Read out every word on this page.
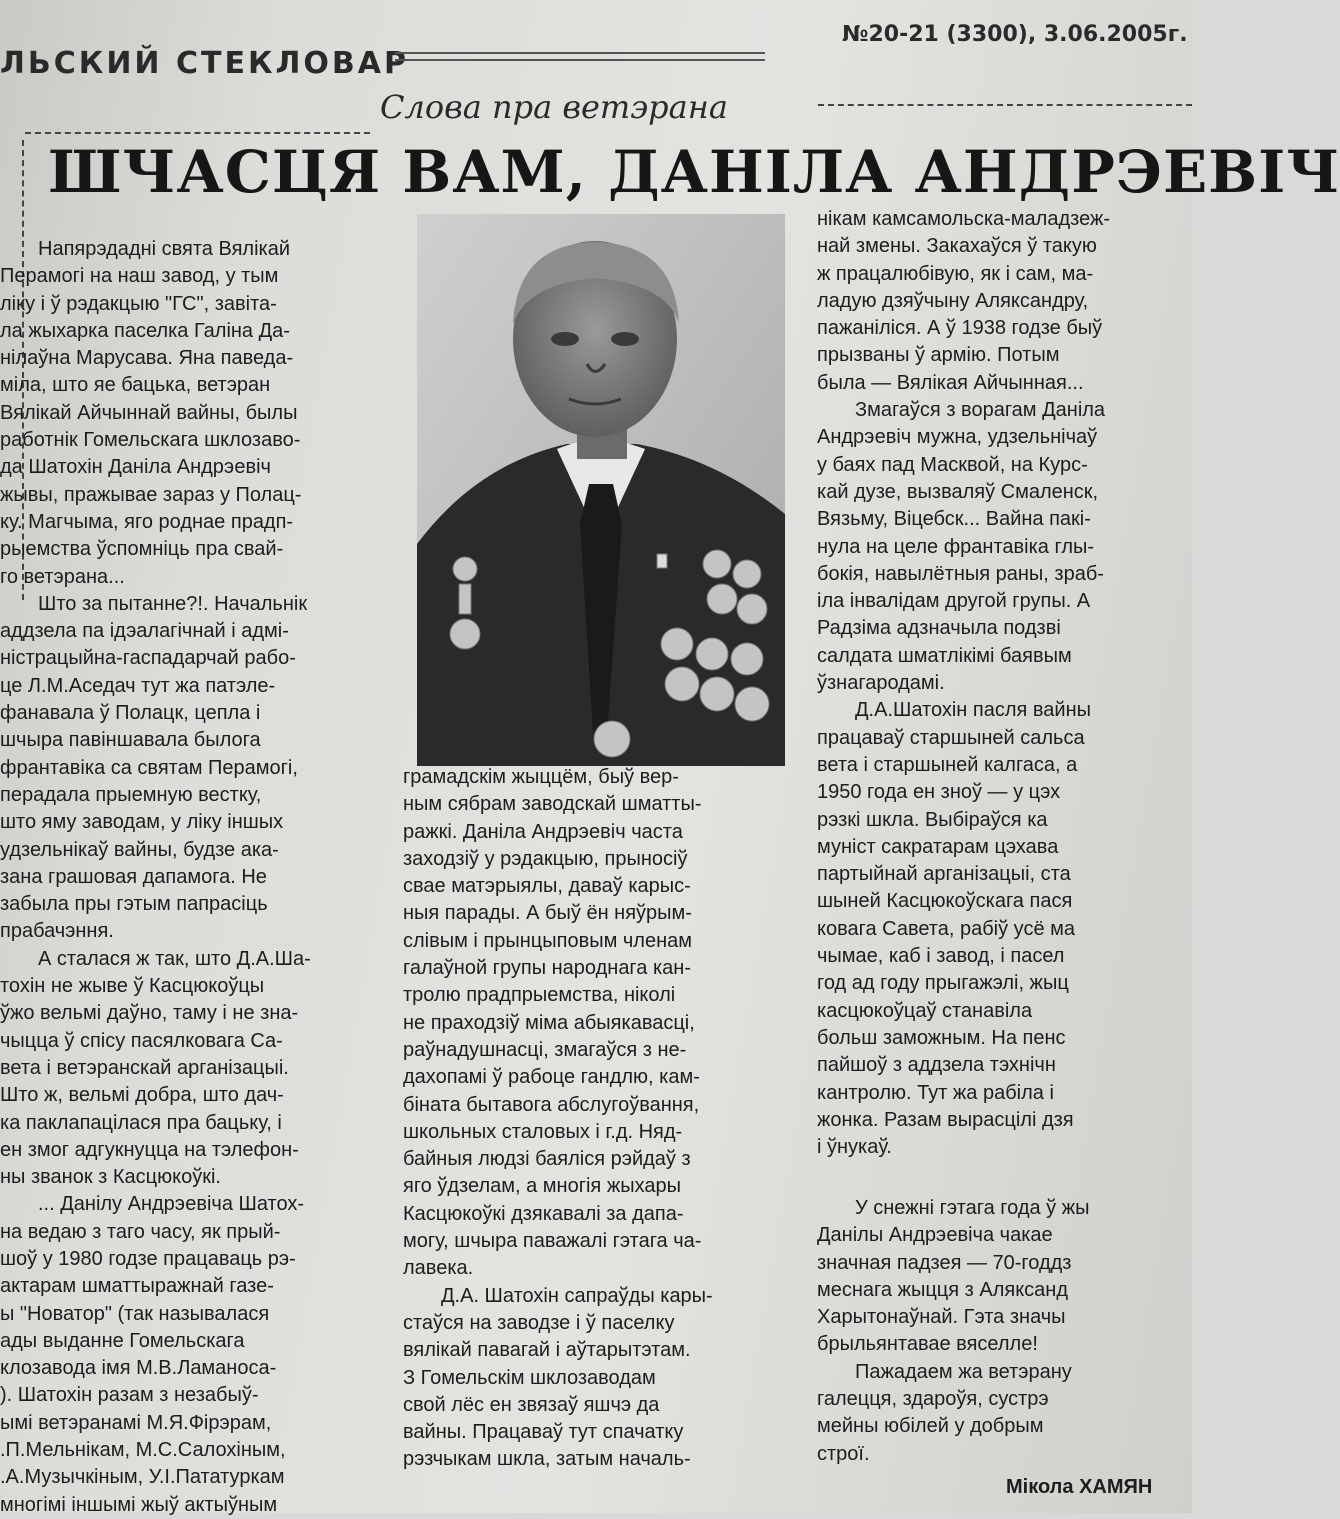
ЛЬСКИЙ СТЕКЛОВАР
№20-21 (3300), 3.06.2005г.
Слова пра ветэрана
ШЧАСЦЯ ВАМ, ДАНІЛА АНДРЭЕВІЧ

Напярэдадні свята Вялікай
Перамогі на наш завод, у тым
ліку і ў рэдакцыю "ГС", завіта-
ла жыхарка паселка Галіна Да-
нілаўна Марусава. Яна паведа-
міла, што яе бацька, ветэран
Вялікай Айчыннай вайны, былы
работнік Гомельскага шклозаво-
да Шатохін Даніла Андрэевіч
жывы, пражывае зараз у Полац-
ку. Магчыма, яго роднае прадп-
рыемства ўспомніць пра свай-
го ветэрана...

Што за пытанне?!. Начальнік
аддзела па ідэалагічнай і адмі-
ністрацыйна-гаспадарчай рабо-
це Л.М.Аседач тут жа патэле-
фанавала ў Полацк, цепла і
шчыра павіншавала былога
франтавіка са святам Перамогі,
перадала прыемную вестку,
што яму заводам, у ліку іншых
удзельнікаў вайны, будзе ака-
зана грашовая дапамога. Не
забыла пры гэтым папрасіць
прабачэння.

А сталася ж так, што Д.А.Ша-
тохін не жыве ў Касцюкоўцы
ўжо вельмі даўно, таму і не зна-
чыцца ў спісу пасялковага Са-
вета і ветэранскай арганізацыі.
Што ж, вельмі добра, што дач-
ка паклапацілася пра бацьку, і
ен змог адгукнуцца на тэлефон-
ны званок з Касцюкоўкі.

... Данілу Андрэевіча Шатох-
на ведаю з таго часу, як прый-
шоў у 1980 годзе працаваць рэ-
актарам шматтыражнай газе-
ы "Новатор" (так называлася
ады выданне Гомельскага
клозавода імя М.В.Ламаноса-
). Шатохін разам з незабыў-
ымі ветэранамі М.Я.Фірэрам,
.П.Мельнікам, М.С.Салохіным,
.А.Музычкіным, У.І.Пататуркам
многімі іншымі жыў актыўным

грамадскім жыццём, быў вер-
ным сябрам заводскай шматты-
ражкі. Даніла Андрэевіч часта
заходзіў у рэдакцыю, прыносіў
свае матэрыялы, даваў карыс-
ныя парады. А быў ён няўрым-
слівым і прынцыповым членам
галаўной групы народнага кан-
тролю прадпрыемства, ніколі
не праходзіў міма абыякавасці,
раўнадушнасці, змагаўся з не-
дахопамі ў рабоце гандлю, кам-
біната бытавога абслугоўвання,
школьных сталовых і г.д. Няд-
байныя людзі баяліся рэйдаў з
яго ўдзелам, а многія жыхары
Касцюкоўкі дзякавалі за дапа-
могу, шчыра паважалі гэтага ча-
лавека.

Д.А. Шатохін сапраўды кары-
стаўся на заводзе і ў паселку
вялікай павагай і аўтарытэтам.
З Гомельскім шклозаводам
свой лёс ен звязаў яшчэ да
вайны. Працаваў тут спачатку
рэзчыкам шкла, затым началь-

нікам камсамольска-маладзеж-
най змены. Закахаўся ў такую
ж працалюбівую, як і сам, ма-
ладую дзяўчыну Аляксандру,
пажаніліся. А ў 1938 годзе быў
прызваны ў армію. Потым
была — Вялікая Айчынная...

Змагаўся з ворагам Даніла
Андрэевіч мужна, удзельнічаў
у баях пад Масквой, на Курс-
кай дузе, вызваляў Смаленск,
Вязьму, Віцебск... Вайна пакі-
нула на целе франтавіка глы-
бокія, навылётныя раны, зраб-
іла інвалідам другой групы. А
Радзіма адзначыла подзві
салдата шматлікімі баявым
ўзнагародамі.

Д.А.Шатохін пасля вайны
працаваў старшыней сальса
вета і старшыней калгаса, а
1950 года ен зноў — у цэх
рэзкі шкла. Выбіраўся ка
муніст сакратарам цэхава
партыйнай арганізацыі, ста
шыней Касцюкоўскага пася
ковага Савета, рабіў усё ма
чымае, каб і завод, і пасел
год ад году прыгажэлі, жыц
касцюкоўцаў станавіла
больш заможным. На пенс
пайшоў з аддзела тэхнічн
кантролю. Тут жа рабіла і
жонка. Разам вырасцілі дзя
і ўнукаў.

У снежні гэтага года ў жы
Данілы Андрэевіча чакае
значная падзея — 70-годдз
меснага жыцця з Аляксанд
Харытонаўнай. Гэта значы
брыльянтавае вяселле!

Пажадаем жа ветэрану
галецця, здароўя, сустрэ
мейны юбілей у добрым
строї.

Мікола ХАМЯН
